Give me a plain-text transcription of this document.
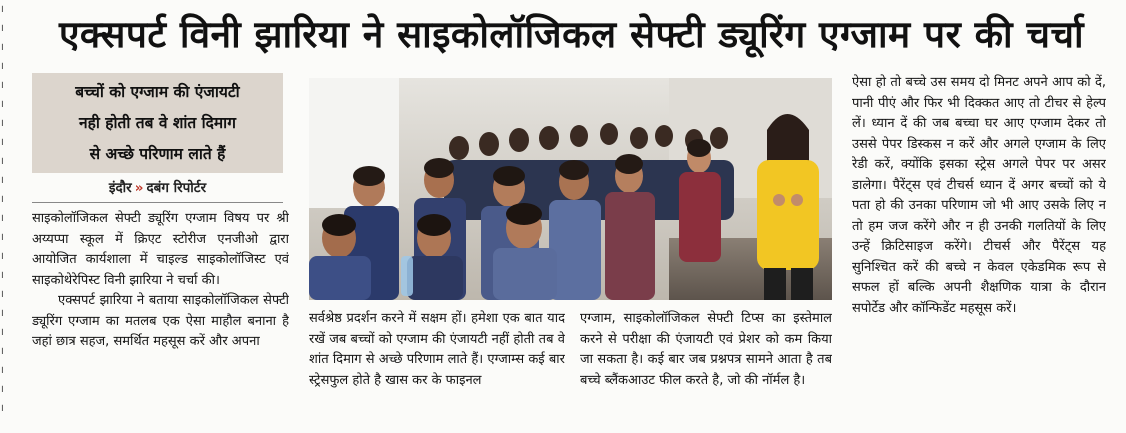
।
।
।
।
।
।
।
।
।
।
।
।
।
।
।
।
।
।
।
।
।
।
एक्सपर्ट विनी झारिया ने साइकोलॉजिकल सेफ्टी ड्यूरिंग एग्जाम पर की चर्चा
बच्चों को एग्जाम की एंजायटी
नही होती तब वे शांत दिमाग
से अच्छे परिणाम लाते हैं
इंदौर » दबंग रिपोर्टर

साइकोलॉजिकल सेफ्टी ड्यूरिंग एग्जाम विषय पर श्री अय्यप्पा स्कूल में क्रिएट स्टोरीज एनजीओ द्वारा आयोजित कार्यशाला में चाइल्ड साइकोलॉजिस्ट एवं साइकोथेरेपिस्ट विनी झारिया ने चर्चा की।

एक्सपर्ट झारिया ने बताया साइकोलॉजिकल सेफ्टी ड्यूरिंग एग्जाम का मतलब एक ऐसा माहौल बनाना है जहां छात्र सहज, समर्थित महसूस करें और अपना

सर्वश्रेष्ठ प्रदर्शन करने में सक्षम हों। हमेशा एक बात याद रखें जब बच्चों को एग्जाम की एंजायटी नहीं होती तब वे शांत दिमाग से अच्छे परिणाम लाते हैं। एग्जाम्स कई बार स्ट्रेसफुल होते है खास कर के फाइनल

एग्जाम, साइकोलॉजिकल सेफ्टी टिप्स का इस्तेमाल करने से परीक्षा की एंजायटी एवं प्रेशर को कम किया जा सकता है। कई बार जब प्रश्नपत्र सामने आता है तब बच्चे ब्लैंकआउट फील करते है, जो की नॉर्मल है।

ऐसा हो तो बच्चे उस समय दो मिनट अपने आप को दें, पानी पीएं और फिर भी दिक्कत आए तो टीचर से हेल्प लें। ध्यान दें की जब बच्चा घर आए एग्जाम देकर तो उससे पेपर डिस्कस न करें और अगले एग्जाम के लिए रेडी करें, क्योंकि इसका स्ट्रेस अगले पेपर पर असर डालेगा। पैरेंट्स एवं टीचर्स ध्यान दें अगर बच्चों को ये पता हो की उनका परिणाम जो भी आए उसके लिए न तो हम जज करेंगे और न ही उनकी गलतियों के लिए उन्हें क्रिटिसाइज करेंगे। टीचर्स और पैरेंट्स यह सुनिश्चित करें की बच्चे न केवल एकेडमिक रूप से सफल हों बल्कि अपनी शैक्षणिक यात्रा के दौरान सपोर्टेड और कॉन्फिडेंट महसूस करें।
